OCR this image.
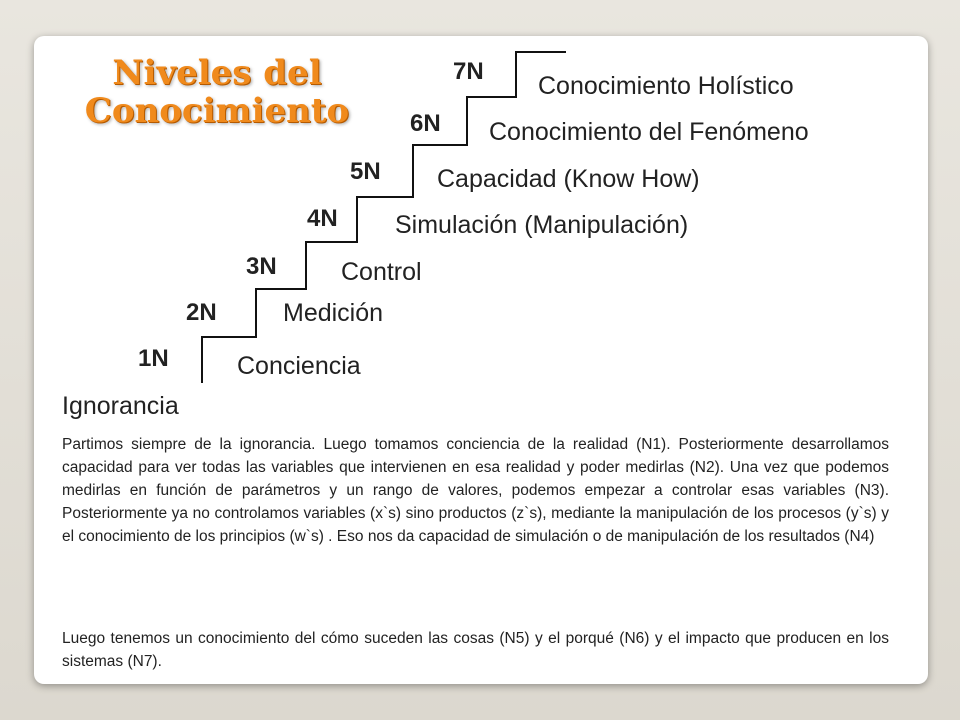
Niveles del
Conocimiento
1N
2N
3N
4N
5N
6N
7N
Ignorancia
Conciencia
Medición
Control
Simulación (Manipulación)
Capacidad (Know How)
Conocimiento del Fenómeno
Conocimiento Holístico

Partimos siempre de la ignorancia. Luego tomamos conciencia de la realidad (N1). Posteriormente desarrollamos capacidad para ver todas las variables que intervienen en esa realidad y poder medirlas (N2). Una vez que podemos medirlas en función de parámetros y un rango de valores, podemos empezar a controlar esas variables (N3). Posteriormente ya no controlamos variables (x`s) sino productos (z`s), mediante la manipulación de los procesos (y`s) y el conocimiento de los principios (w`s) . Eso nos da capacidad de simulación o de manipulación de los resultados (N4)

Luego tenemos un conocimiento del cómo suceden las cosas (N5) y el porqué (N6) y el impacto que producen en los sistemas (N7).
